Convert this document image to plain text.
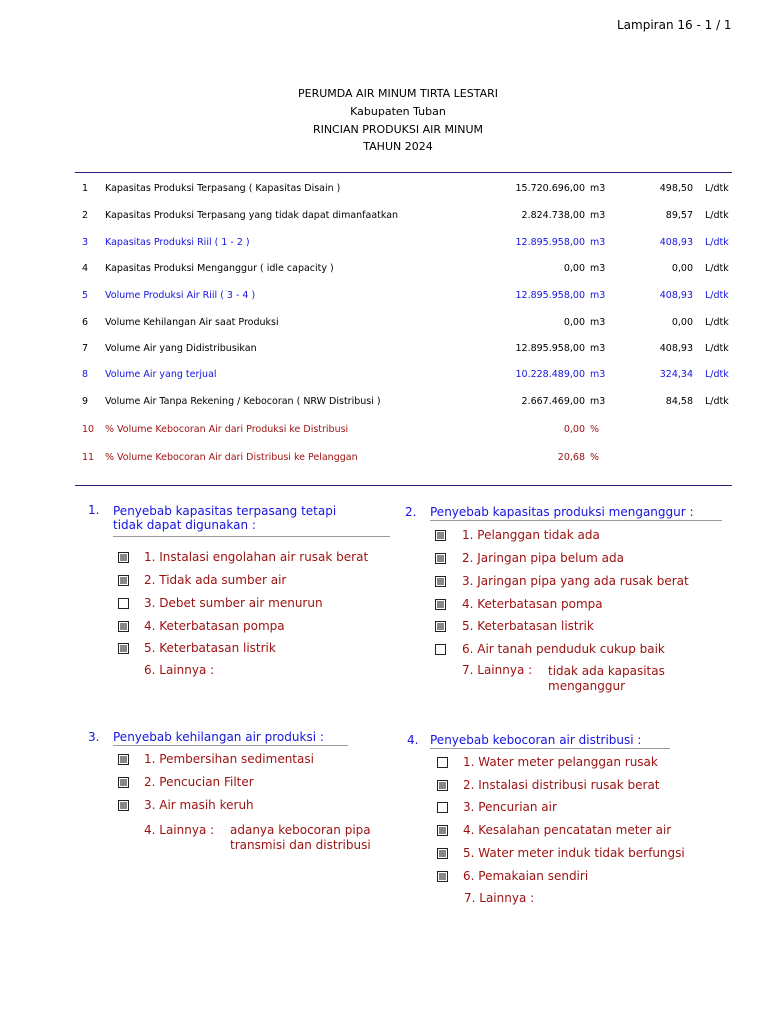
Lampiran 16 - 1 / 1
PERUMDA AIR MINUM TIRTA LESTARI
Kabupaten Tuban
RINCIAN PRODUKSI AIR MINUM
TAHUN 2024
1 Kapasitas Produksi Terpasang ( Kapasitas Disain )	15.720.696,00 m3	498,50 L/dtk
2 Kapasitas Produksi Terpasang yang tidak dapat dimanfaatkan	2.824.738,00 m3	89,57 L/dtk
3 Kapasitas Produksi Riil ( 1 - 2 )	12.895.958,00 m3	408,93 L/dtk
4 Kapasitas Produksi Menganggur ( idle capacity )	0,00 m3	0,00 L/dtk
5 Volume Produksi Air Riil ( 3 - 4 )	12.895.958,00 m3	408,93 L/dtk
6 Volume Kehilangan Air saat Produksi	0,00 m3	0,00 L/dtk
7 Volume Air yang Didistribusikan	12.895.958,00 m3	408,93 L/dtk
8 Volume Air yang terjual	10.228.489,00 m3	324,34 L/dtk
9 Volume Air Tanpa Rekening / Kebocoran ( NRW Distribusi )	2.667.469,00 m3	84,58 L/dtk
10 % Volume Kebocoran Air dari Produksi ke Distribusi	0,00 %
11 % Volume Kebocoran Air dari Distribusi ke Pelanggan	20,68 %
1. Penyebab kapasitas terpasang tetapi
tidak dapat digunakan :
1. Instalasi engolahan air rusak berat
2. Tidak ada sumber air
3. Debet sumber air menurun
4. Keterbatasan pompa
5. Keterbatasan listrik
6. Lainnya :
2. Penyebab kapasitas produksi menganggur :
1. Pelanggan tidak ada
2. Jaringan pipa belum ada
3. Jaringan pipa yang ada rusak berat
4. Keterbatasan pompa
5. Keterbatasan listrik
6. Air tanah penduduk cukup baik
7. Lainnya : tidak ada kapasitas
menganggur
3. Penyebab kehilangan air produksi :
1. Pembersihan sedimentasi
2. Pencucian Filter
3. Air masih keruh
4. Lainnya : adanya kebocoran pipa
transmisi dan distribusi
4. Penyebab kebocoran air distribusi :
1. Water meter pelanggan rusak
2. Instalasi distribusi rusak berat
3. Pencurian air
4. Kesalahan pencatatan meter air
5. Water meter induk tidak berfungsi
6. Pemakaian sendiri
7. Lainnya :
